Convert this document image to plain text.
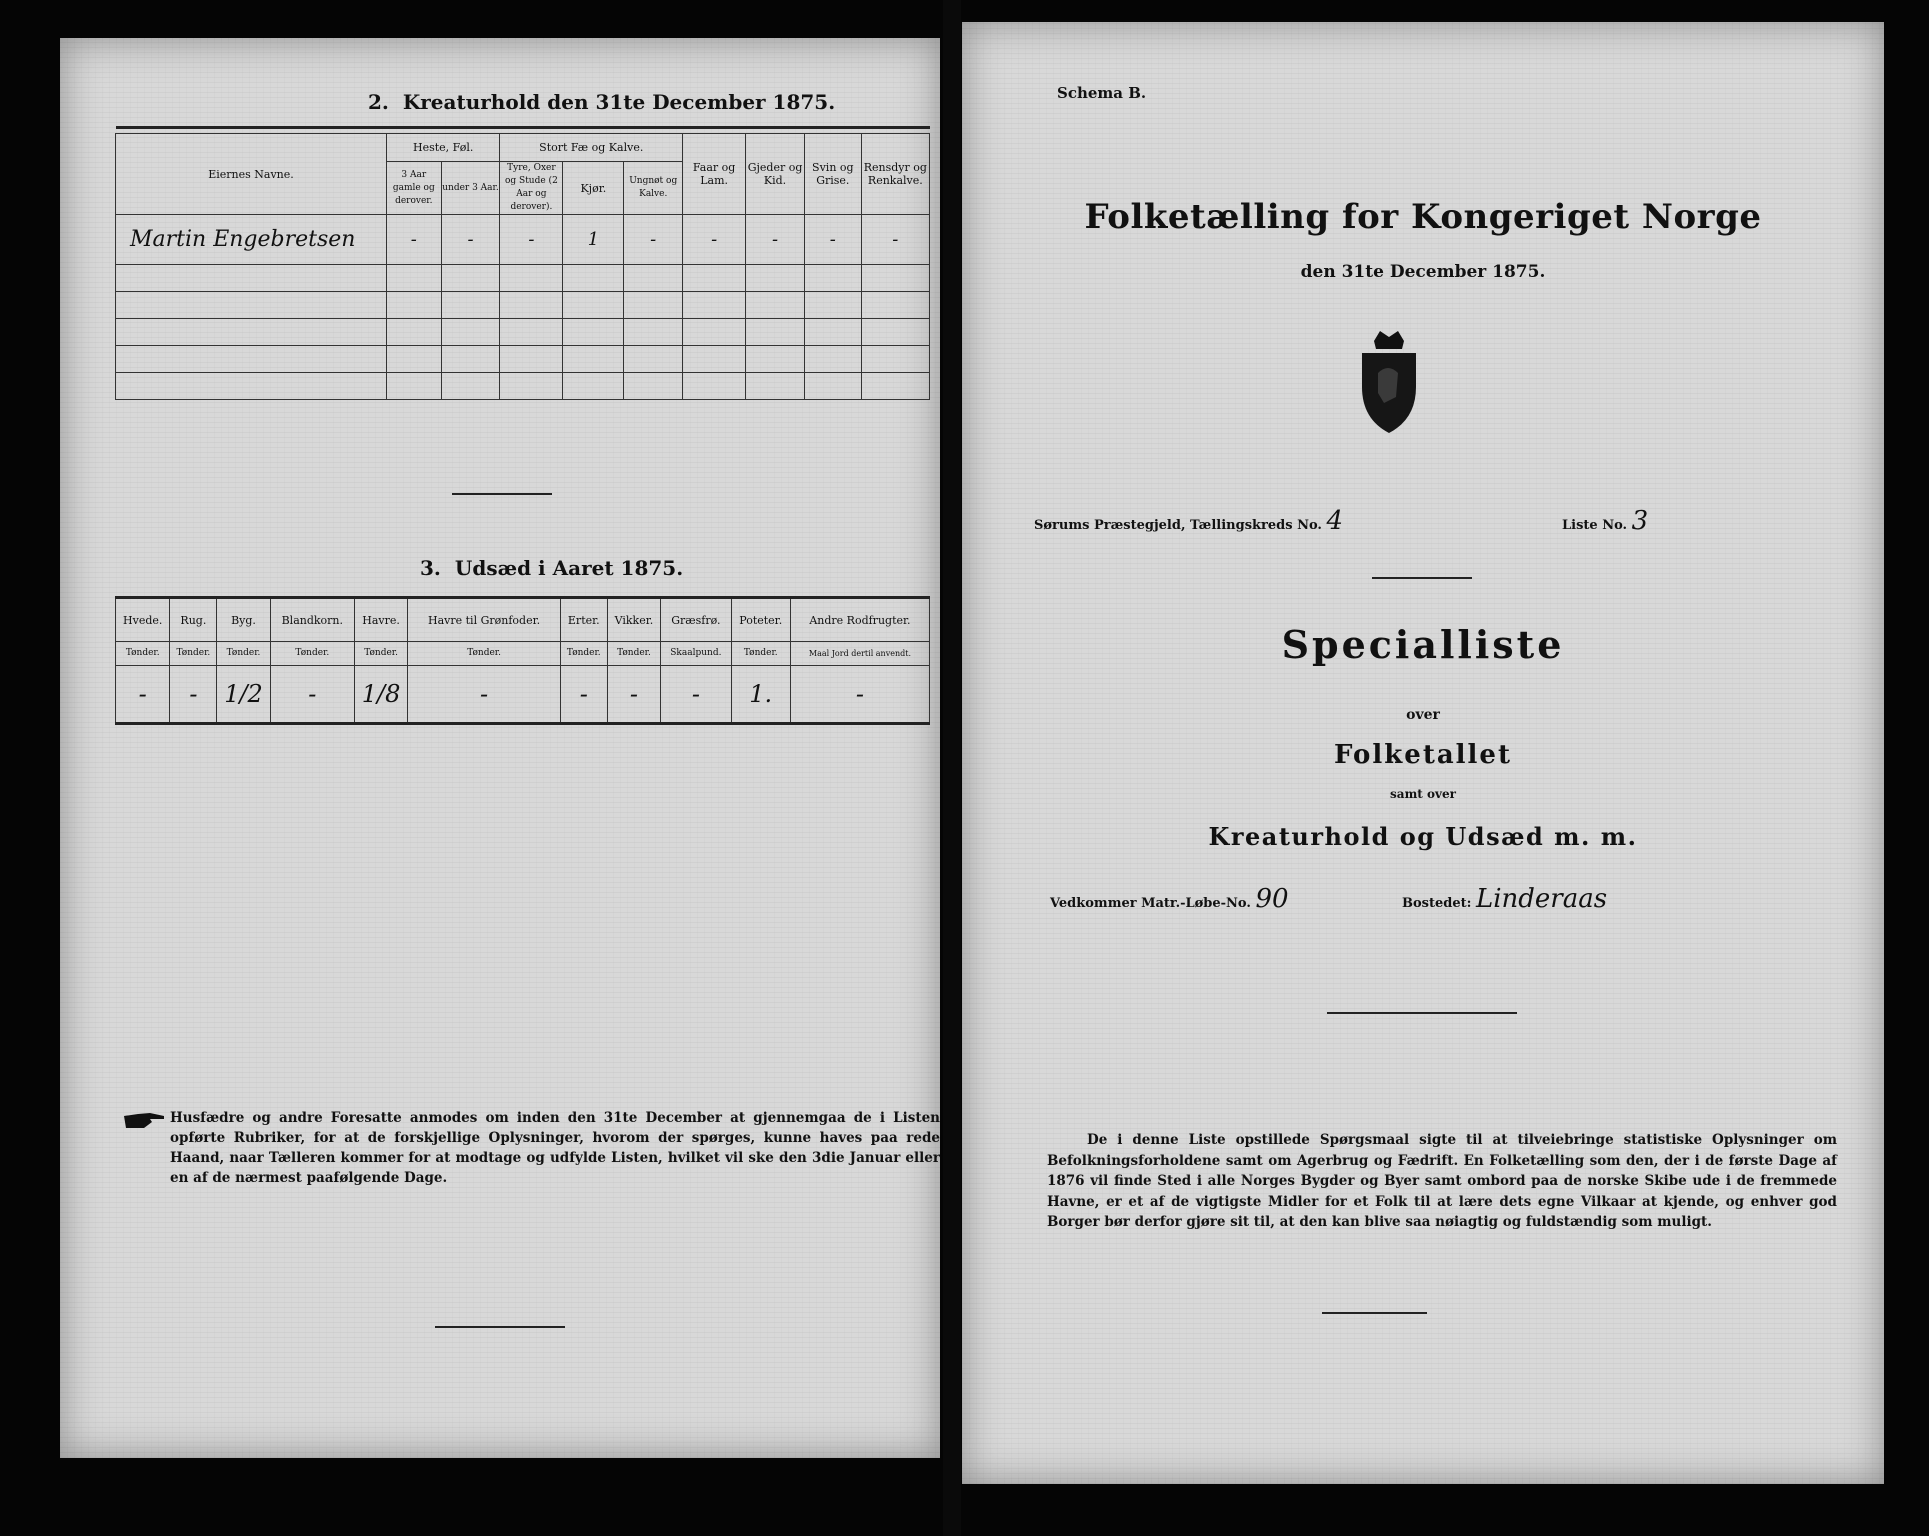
2. Kreaturhold den 31te December 1875.

Eiernes Navne.	Heste, Føl.		Stort Fæ og Kalve.			Faar og Lam.	Gjeder og Kid.	Svin og Grise.	Rensdyr og Renkalve.
	3 Aar gamle og derover.	under 3 Aar.	Tyre, Oxer og Stude (2 Aar og derover).	Kjør.	Ungnøt og Kalve.				
Martin Engebretsen	-	-	-	1	-	-	-	-	-

3. Udsæd i Aaret 1875.
Hvede.	Rug.	Byg.	Blandkorn.	Havre.	Havre til Grønfoder.	Erter.	Vikker.	Græsfrø.	Poteter.	Andre Rodfrugter.
Tønder.	Tønder.	Tønder.	Tønder.	Tønder.	Tønder.	Tønder.	Tønder.	Skaalpund.	Tønder.	Maal Jord dertil anvendt.
-	-	1/2	-	1/8	-	-	-	-	1.	-
Husfædre og andre Foresatte anmodes om inden den 31te December at gjennemgaa de i Listen opførte Rubriker, for at de forskjellige Oplysninger, hvorom der spørges, kunne haves paa rede Haand, naar Tælleren kommer for at modtage og udfylde Listen, hvilket vil ske den 3die Januar eller en af de nærmest paafølgende Dage.
Schema B.
Folketælling for Kongeriget Norge
den 31te December 1875.
Sørums Præstegjeld, Tællingskreds No. 4	Liste No. 3
Specialliste
over
Folketallet
samt over
Kreaturhold og Udsæd m. m.
Vedkommer Matr.-Løbe-No. 90	Bostedet: Linderaas
De i denne Liste opstillede Spørgsmaal sigte til at tilveiebringe statistiske Oplysninger om Befolkningsforholdene samt om Agerbrug og Fædrift. En Folketælling som den, der i de første Dage af 1876 vil finde Sted i alle Norges Bygder og Byer samt ombord paa de norske Skibe ude i de fremmede Havne, er et af de vigtigste Midler for et Folk til at lære dets egne Vilkaar at kjende, og enhver god Borger bør derfor gjøre sit til, at den kan blive saa nøiagtig og fuldstændig som muligt.
